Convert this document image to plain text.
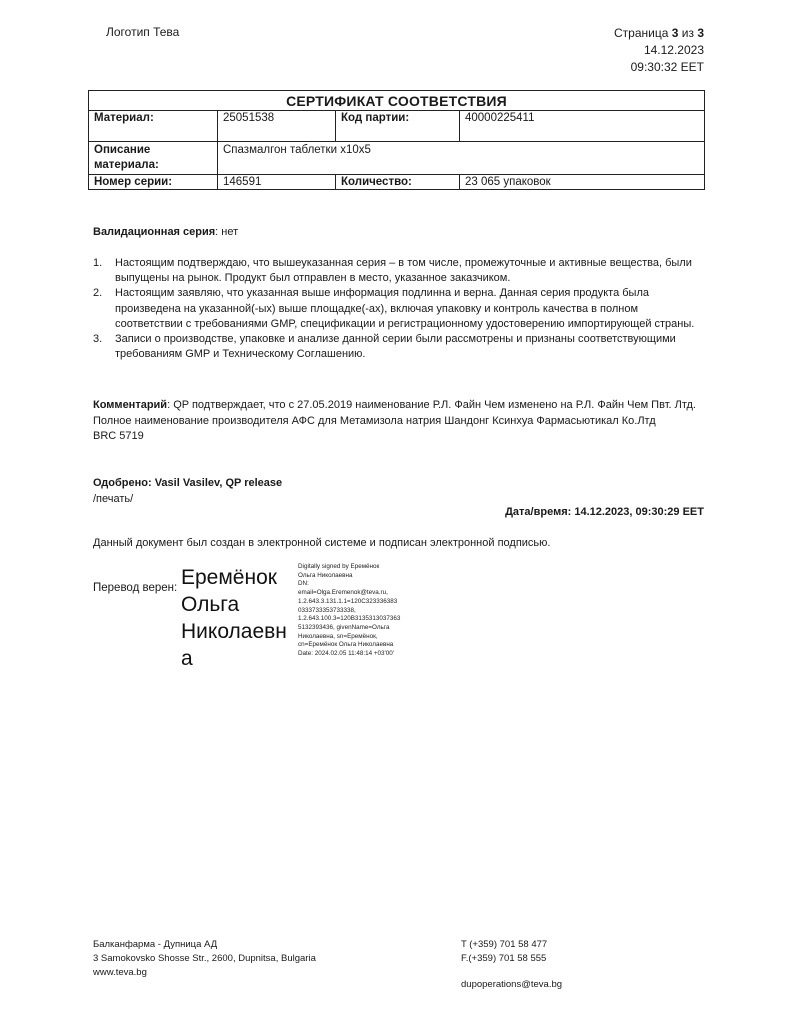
Логотип Тева	Страница 3 из 3
14.12.2023
09:30:32 EET
СЕРТИФИКАТ СООТВЕТСТВИЯ			
Материал:	25051538	Код партии:	40000225411
Описание материала:	Спазмалгон таблетки x10x5		
Номер серии:	146591	Количество:	23 065 упаковок
Валидационная серия: нет
1. Настоящим подтверждаю, что вышеуказанная серия – в том числе, промежуточные и активные вещества, были выпущены на рынок. Продукт был отправлен в место, указанное заказчиком.
2. Настоящим заявляю, что указанная выше информация подлинна и верна. Данная серия продукта была произведена на указанной(-ых) выше площадке(-ах), включая упаковку и контроль качества в полном соответствии с требованиями GMP, спецификации и регистрационному удостоверению импортирующей страны.
3. Записи о производстве, упаковке и анализе данной серии были рассмотрены и признаны соответствующими требованиям GMP и Техническому Соглашению.
Комментарий: QP подтверждает, что с 27.05.2019 наименование Р.Л. Файн Чем изменено на Р.Л. Файн Чем Пвт. Лтд.
Полное наименование производителя АФС для Метамизола натрия Шандонг Ксинхуа Фармасьютикал Ко.Лтд
BRC 5719
Одобрено: Vasil Vasilev, QP release
/печать/
Дата/время: 14.12.2023, 09:30:29 EET
Данный документ был создан в электронной системе и подписан электронной подписью.
Перевод верен: Ерeмёнок
Ольга
Николаевн
а
Digitally signed by Ерeмёнок
Ольга Николаевна
DN:
email=Olga.Eremenok@teva.ru,
1.2.643.3.131.1.1=120C323336383
0333733353733338,
1.2.643.100.3=120B3135313037363
5132393436, givenName=Ольга
Николаевна, sn=Еремёнок,
cn=Еремёнок Ольга Николаевна
Date: 2024.02.05 11:48:14 +03'00'
Балканфарма - Дупница АД
3 Samokovsko Shosse Str., 2600, Dupnitsa, Bulgaria
www.teva.bg
T (+359) 701 58 477
F.(+359) 701 58 555
dupoperations@teva.bg
